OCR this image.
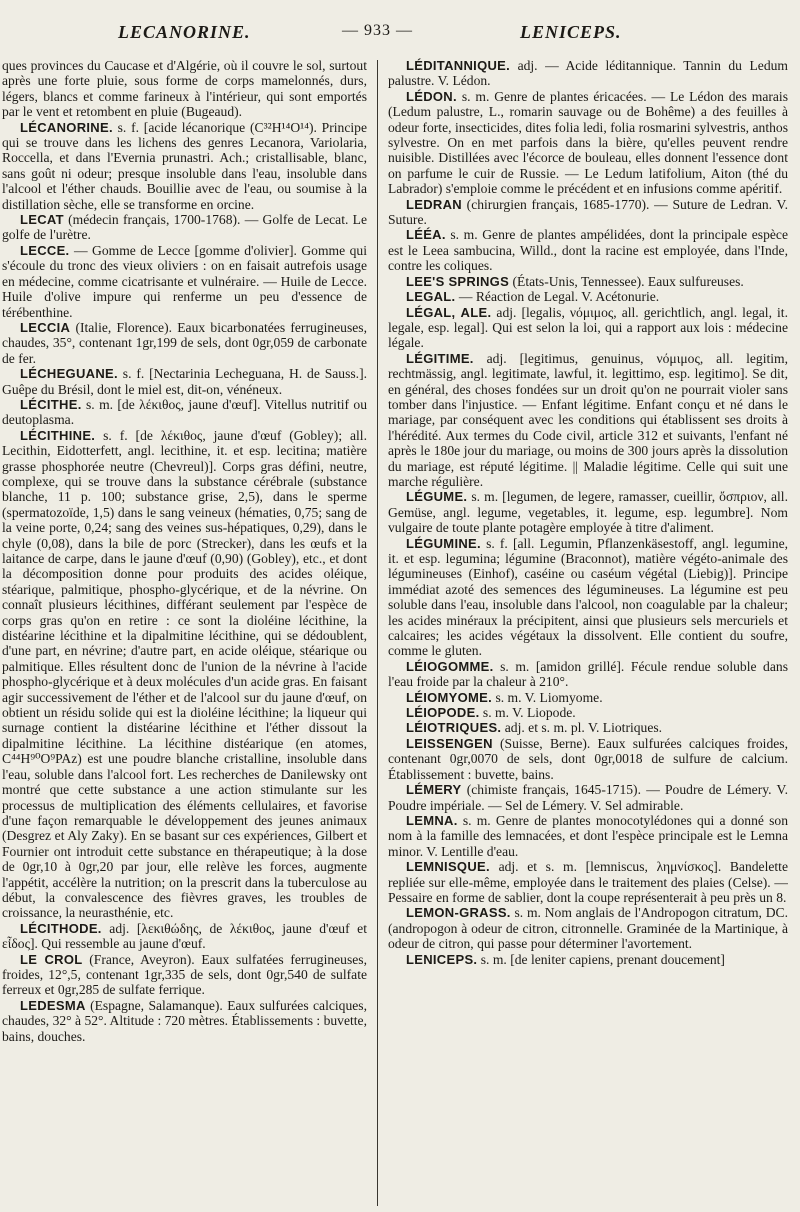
LECANORINE.	— 933 —	LENICEPS.

ques provinces du Caucase et d'Algérie, où il couvre le sol, surtout après une forte pluie, sous forme de corps mamelonnés, durs, légers, blancs et comme farineux à l'intérieur, qui sont emportés par le vent et retombent en pluie (Bugeaud).

LÉCANORINE. s. f. [acide lécanorique (C³²H¹⁴O¹⁴). Principe qui se trouve dans les lichens des genres Lecanora, Variolaria, Roccella, et dans l'Evernia prunastri. Ach.; cristallisable, blanc, sans goût ni odeur; presque insoluble dans l'eau, insoluble dans l'alcool et l'éther chauds. Bouillie avec de l'eau, ou soumise à la distillation sèche, elle se transforme en orcine.

LECAT (médecin français, 1700-1768). — Golfe de Lecat. Le golfe de l'urètre.

LECCE. — Gomme de Lecce [gomme d'olivier]. Gomme qui s'écoule du tronc des vieux oliviers : on en faisait autrefois usage en médecine, comme cicatrisante et vulnéraire. — Huile de Lecce. Huile d'olive impure qui renferme un peu d'essence de térébenthine.

LECCIA (Italie, Florence). Eaux bicarbonatées ferrugineuses, chaudes, 35°, contenant 1gr,199 de sels, dont 0gr,059 de carbonate de fer.

LÉCHEGUANE. s. f. [Nectarinia Lecheguana, H. de Sauss.]. Guêpe du Brésil, dont le miel est, dit-on, vénéneux.

LÉCITHE. s. m. [de λέκιθος, jaune d'œuf]. Vitellus nutritif ou deutoplasma.

LÉCITHINE. s. f. [de λέκιθος, jaune d'œuf (Gobley); all. Lecithin, Eidotterfett, angl. lecithine, it. et esp. lecitina; matière grasse phosphorée neutre (Chevreul)]. Corps gras défini, neutre, complexe, qui se trouve dans la substance cérébrale (substance blanche, 11 p. 100; substance grise, 2,5), dans le sperme (spermatozoïde, 1,5) dans le sang veineux (hématies, 0,75; sang de la veine porte, 0,24; sang des veines sus-hépatiques, 0,29), dans le chyle (0,08), dans la bile de porc (Strecker), dans les œufs et la laitance de carpe, dans le jaune d'œuf (0,90) (Gobley), etc., et dont la décomposition donne pour produits des acides oléique, stéarique, palmitique, phospho-glycérique, et de la névrine. On connaît plusieurs lécithines, différant seulement par l'espèce de corps gras qu'on en retire : ce sont la dioléine lécithine, la distéarine lécithine et la dipalmitine lécithine, qui se dédoublent, d'une part, en névrine; d'autre part, en acide oléique, stéarique ou palmitique. Elles résultent donc de l'union de la névrine à l'acide phospho-glycérique et à deux molécules d'un acide gras. En faisant agir successivement de l'éther et de l'alcool sur du jaune d'œuf, on obtient un résidu solide qui est la dioléine lécithine; la liqueur qui surnage contient la distéarine lécithine et l'éther dissout la dipalmitine lécithine. La lécithine distéarique (en atomes, C⁴⁴H⁹⁰O⁹PAz) est une poudre blanche cristalline, insoluble dans l'eau, soluble dans l'alcool fort. Les recherches de Danilewsky ont montré que cette substance a une action stimulante sur les processus de multiplication des éléments cellulaires, et favorise d'une façon remarquable le développement des jeunes animaux (Desgrez et Aly Zaky). En se basant sur ces expériences, Gilbert et Fournier ont introduit cette substance en thérapeutique; à la dose de 0gr,10 à 0gr,20 par jour, elle relève les forces, augmente l'appétit, accélère la nutrition; on la prescrit dans la tuberculose au début, la convalescence des fièvres graves, les troubles de croissance, la neurasthénie, etc.

LÉCITHODE. adj. [λεκιθώδης, de λέκιθος, jaune d'œuf et εἶδος]. Qui ressemble au jaune d'œuf.

LE CROL (France, Aveyron). Eaux sulfatées ferrugineuses, froides, 12°,5, contenant 1gr,335 de sels, dont 0gr,540 de sulfate ferreux et 0gr,285 de sulfate ferrique.

LEDESMA (Espagne, Salamanque). Eaux sulfurées calciques, chaudes, 32° à 52°. Altitude : 720 mètres. Établissements : buvette, bains, douches.

LÉDITANNIQUE. adj. — Acide léditannique. Tannin du Ledum palustre. V. Lédon.

LÉDON. s. m. Genre de plantes éricacées. — Le Lédon des marais (Ledum palustre, L., romarin sauvage ou de Bohême) a des feuilles à odeur forte, insecticides, dites folia ledi, folia rosmarini sylvestris, anthos sylvestre. On en met parfois dans la bière, qu'elles peuvent rendre nuisible. Distillées avec l'écorce de bouleau, elles donnent l'essence dont on parfume le cuir de Russie. — Le Ledum latifolium, Aiton (thé du Labrador) s'emploie comme le précédent et en infusions comme apéritif.

LEDRAN (chirurgien français, 1685-1770). — Suture de Ledran. V. Suture.

LÉÉA. s. m. Genre de plantes ampélidées, dont la principale espèce est le Leea sambucina, Willd., dont la racine est employée, dans l'Inde, contre les coliques.

LEE'S SPRINGS (États-Unis, Tennessee). Eaux sulfureuses.

LEGAL. — Réaction de Legal. V. Acétonurie.

LÉGAL, ALE. adj. [legalis, νόμιμος, all. gerichtlich, angl. legal, it. legale, esp. legal]. Qui est selon la loi, qui a rapport aux lois : médecine légale.

LÉGITIME. adj. [legitimus, genuinus, νόμιμος, all. legitim, rechtmässig, angl. legitimate, lawful, it. legittimo, esp. legitimo]. Se dit, en général, des choses fondées sur un droit qu'on ne pourrait violer sans tomber dans l'injustice. — Enfant légitime. Enfant conçu et né dans le mariage, par conséquent avec les conditions qui établissent ses droits à l'hérédité. Aux termes du Code civil, article 312 et suivants, l'enfant né après le 180e jour du mariage, ou moins de 300 jours après la dissolution du mariage, est réputé légitime. || Maladie légitime. Celle qui suit une marche régulière.

LÉGUME. s. m. [legumen, de legere, ramasser, cueillir, ὄσπριον, all. Gemüse, angl. legume, vegetables, it. legume, esp. legumbre]. Nom vulgaire de toute plante potagère employée à titre d'aliment.

LÉGUMINE. s. f. [all. Legumin, Pflanzenkäsestoff, angl. legumine, it. et esp. legumina; légumine (Braconnot), matière végéto-animale des légumineuses (Einhof), caséine ou caséum végétal (Liebig)]. Principe immédiat azoté des semences des légumineuses. La légumine est peu soluble dans l'eau, insoluble dans l'alcool, non coagulable par la chaleur; les acides minéraux la précipitent, ainsi que plusieurs sels mercuriels et calcaires; les acides végétaux la dissolvent. Elle contient du soufre, comme le gluten.

LÉIOGOMME. s. m. [amidon grillé]. Fécule rendue soluble dans l'eau froide par la chaleur à 210°.

LÉIOMYOME. s. m. V. Liomyome.

LÉIOPODE. s. m. V. Liopode.

LÉIOTRIQUES. adj. et s. m. pl. V. Liotriques.

LEISSENGEN (Suisse, Berne). Eaux sulfurées calciques froides, contenant 0gr,0070 de sels, dont 0gr,0018 de sulfure de calcium. Établissement : buvette, bains.

LÉMERY (chimiste français, 1645-1715). — Poudre de Lémery. V. Poudre impériale. — Sel de Lémery. V. Sel admirable.

LEMNA. s. m. Genre de plantes monocotylédones qui a donné son nom à la famille des lemnacées, et dont l'espèce principale est le Lemna minor. V. Lentille d'eau.

LEMNISQUE. adj. et s. m. [lemniscus, λημνίσκος]. Bandelette repliée sur elle-même, employée dans le traitement des plaies (Celse). — Pessaire en forme de sablier, dont la coupe représenterait à peu près un 8.

LEMON-GRASS. s. m. Nom anglais de l'Andropogon citratum, DC. (andropogon à odeur de citron, citronnelle. Graminée de la Martinique, à odeur de citron, qui passe pour déterminer l'avortement.

LENICEPS. s. m. [de leniter capiens, prenant doucement]
